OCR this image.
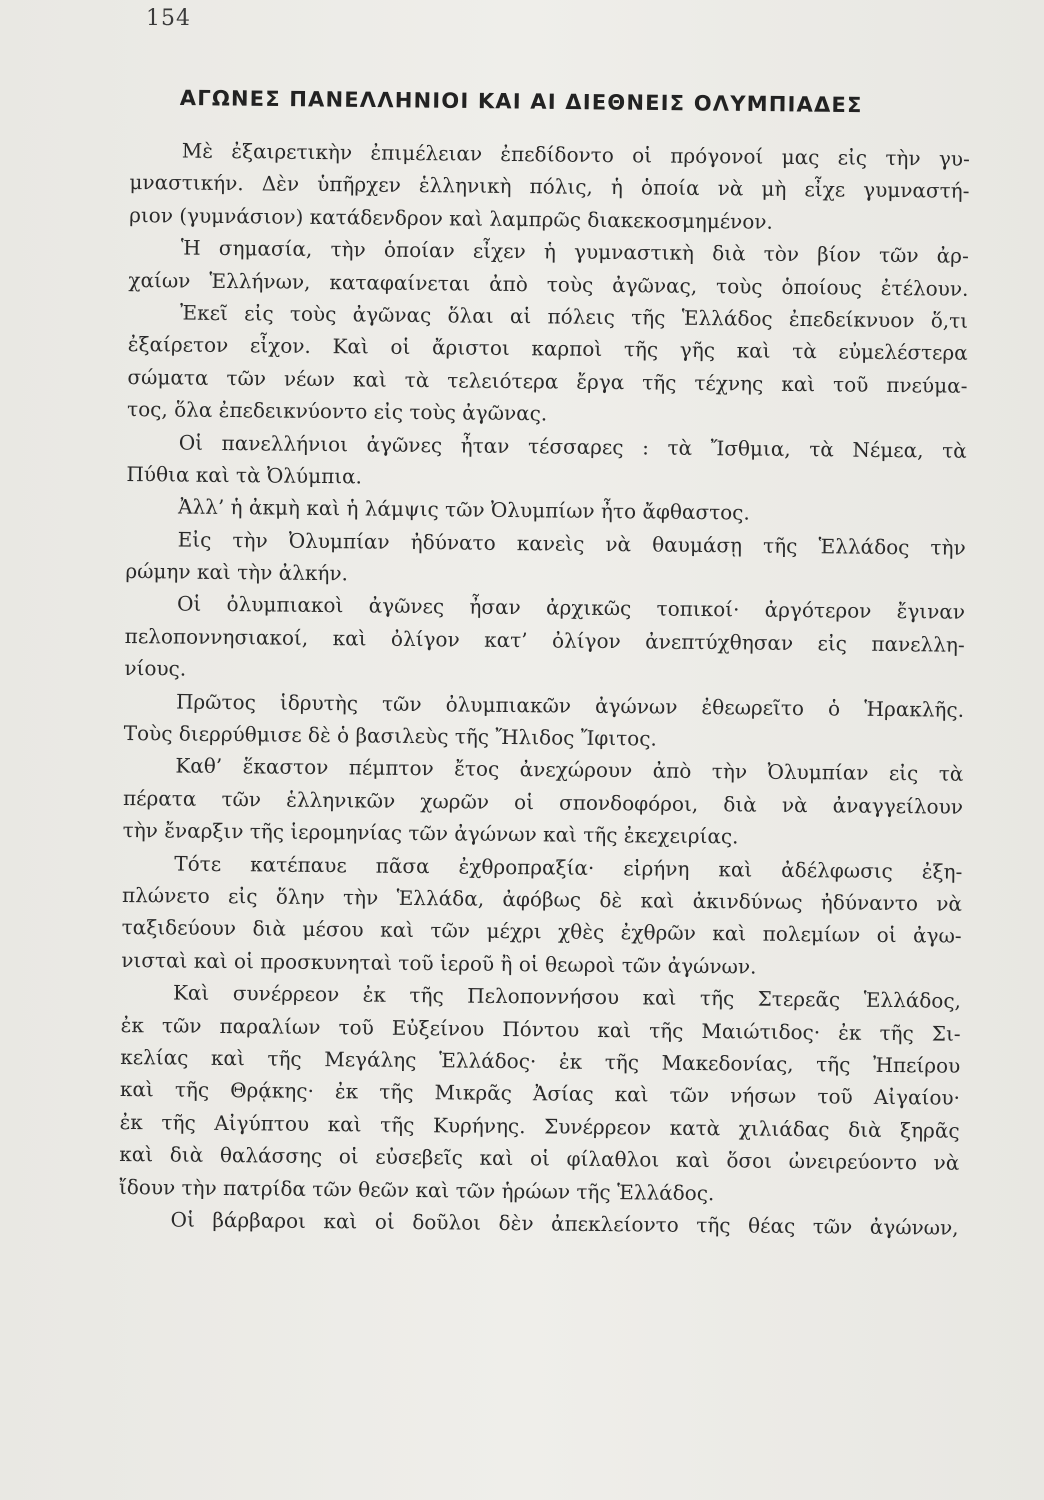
154
ΑΓΩΝΕΣ ΠΑΝΕΛΛΗΝΙΟΙ ΚΑΙ ΑΙ ΔΙΕΘΝΕΙΣ ΟΛΥΜΠΙΑΔΕΣ
Μὲ ἐξαιρετικὴν ἐπιμέλειαν ἐπεδίδοντο οἱ πρόγονοί μας εἰς τὴν γυ-
μναστικήν. Δὲν ὑπῆρχεν ἑλληνικὴ πόλις, ἡ ὁποία νὰ μὴ εἶχε γυμναστή-
ριον (γυμνάσιον) κατάδενδρον καὶ λαμπρῶς διακεκοσμημένον.
Ἡ σημασία, τὴν ὁποίαν εἶχεν ἡ γυμναστικὴ διὰ τὸν βίον τῶν ἀρ-
χαίων Ἑλλήνων, καταφαίνεται ἀπὸ τοὺς ἀγῶνας, τοὺς ὁποίους ἐτέλουν.
Ἐκεῖ εἰς τοὺς ἀγῶνας ὅλαι αἱ πόλεις τῆς Ἑλλάδος ἐπεδείκνυον ὅ,τι
ἐξαίρετον εἶχον. Καὶ οἱ ἄριστοι καρποὶ τῆς γῆς καὶ τὰ εὐμελέστερα
σώματα τῶν νέων καὶ τὰ τελειότερα ἔργα τῆς τέχνης καὶ τοῦ πνεύμα-
τος, ὅλα ἐπεδεικνύοντο εἰς τοὺς ἀγῶνας.
Οἱ πανελλήνιοι ἀγῶνες ἦταν τέσσαρες : τὰ Ἴσθμια, τὰ Νέμεα, τὰ
Πύθια καὶ τὰ Ὀλύμπια.
Ἀλλ’ ἡ ἀκμὴ καὶ ἡ λάμψις τῶν Ὀλυμπίων ἦτο ἄφθαστος.
Εἰς τὴν Ὀλυμπίαν ἠδύνατο κανεὶς νὰ θαυμάσῃ τῆς Ἑλλάδος τὴν
ρώμην καὶ τὴν ἀλκήν.
Οἱ ὀλυμπιακοὶ ἀγῶνες ἦσαν ἀρχικῶς τοπικοί· ἀργότερον ἔγιναν
πελοποννησιακοί, καὶ ὀλίγον κατ’ ὀλίγον ἀνεπτύχθησαν εἰς πανελλη-
νίους.
Πρῶτος ἱδρυτὴς τῶν ὀλυμπιακῶν ἀγώνων ἐθεωρεῖτο ὁ Ἡρακλῆς.
Τοὺς διερρύθμισε δὲ ὁ βασιλεὺς τῆς Ἤλιδος Ἴφιτος.
Καθ’ ἕκαστον πέμπτον ἔτος ἀνεχώρουν ἀπὸ τὴν Ὀλυμπίαν εἰς τὰ
πέρατα τῶν ἑλληνικῶν χωρῶν οἱ σπονδοφόροι, διὰ νὰ ἀναγγείλουν
τὴν ἔναρξιν τῆς ἱερομηνίας τῶν ἀγώνων καὶ τῆς ἐκεχειρίας.
Τότε κατέπαυε πᾶσα ἐχθροπραξία· εἰρήνη καὶ ἀδέλφωσις ἐξη-
πλώνετο εἰς ὅλην τὴν Ἑλλάδα, ἀφόβως δὲ καὶ ἀκινδύνως ἠδύναντο νὰ
ταξιδεύουν διὰ μέσου καὶ τῶν μέχρι χθὲς ἐχθρῶν καὶ πολεμίων οἱ ἀγω-
νισταὶ καὶ οἱ προσκυνηταὶ τοῦ ἱεροῦ ἢ οἱ θεωροὶ τῶν ἀγώνων.
Καὶ συνέρρεον ἐκ τῆς Πελοποννήσου καὶ τῆς Στερεᾶς Ἑλλάδος,
ἐκ τῶν παραλίων τοῦ Εὐξείνου Πόντου καὶ τῆς Μαιώτιδος· ἐκ τῆς Σι-
κελίας καὶ τῆς Μεγάλης Ἑλλάδος· ἐκ τῆς Μακεδονίας, τῆς Ἠπείρου
καὶ τῆς Θρᾴκης· ἐκ τῆς Μικρᾶς Ἀσίας καὶ τῶν νήσων τοῦ Αἰγαίου·
ἐκ τῆς Αἰγύπτου καὶ τῆς Κυρήνης. Συνέρρεον κατὰ χιλιάδας διὰ ξηρᾶς
καὶ διὰ θαλάσσης οἱ εὐσεβεῖς καὶ οἱ φίλαθλοι καὶ ὅσοι ὠνειρεύοντο νὰ
ἴδουν τὴν πατρίδα τῶν θεῶν καὶ τῶν ἡρώων τῆς Ἑλλάδος.
Οἱ βάρβαροι καὶ οἱ δοῦλοι δὲν ἀπεκλείοντο τῆς θέας τῶν ἀγώνων,
